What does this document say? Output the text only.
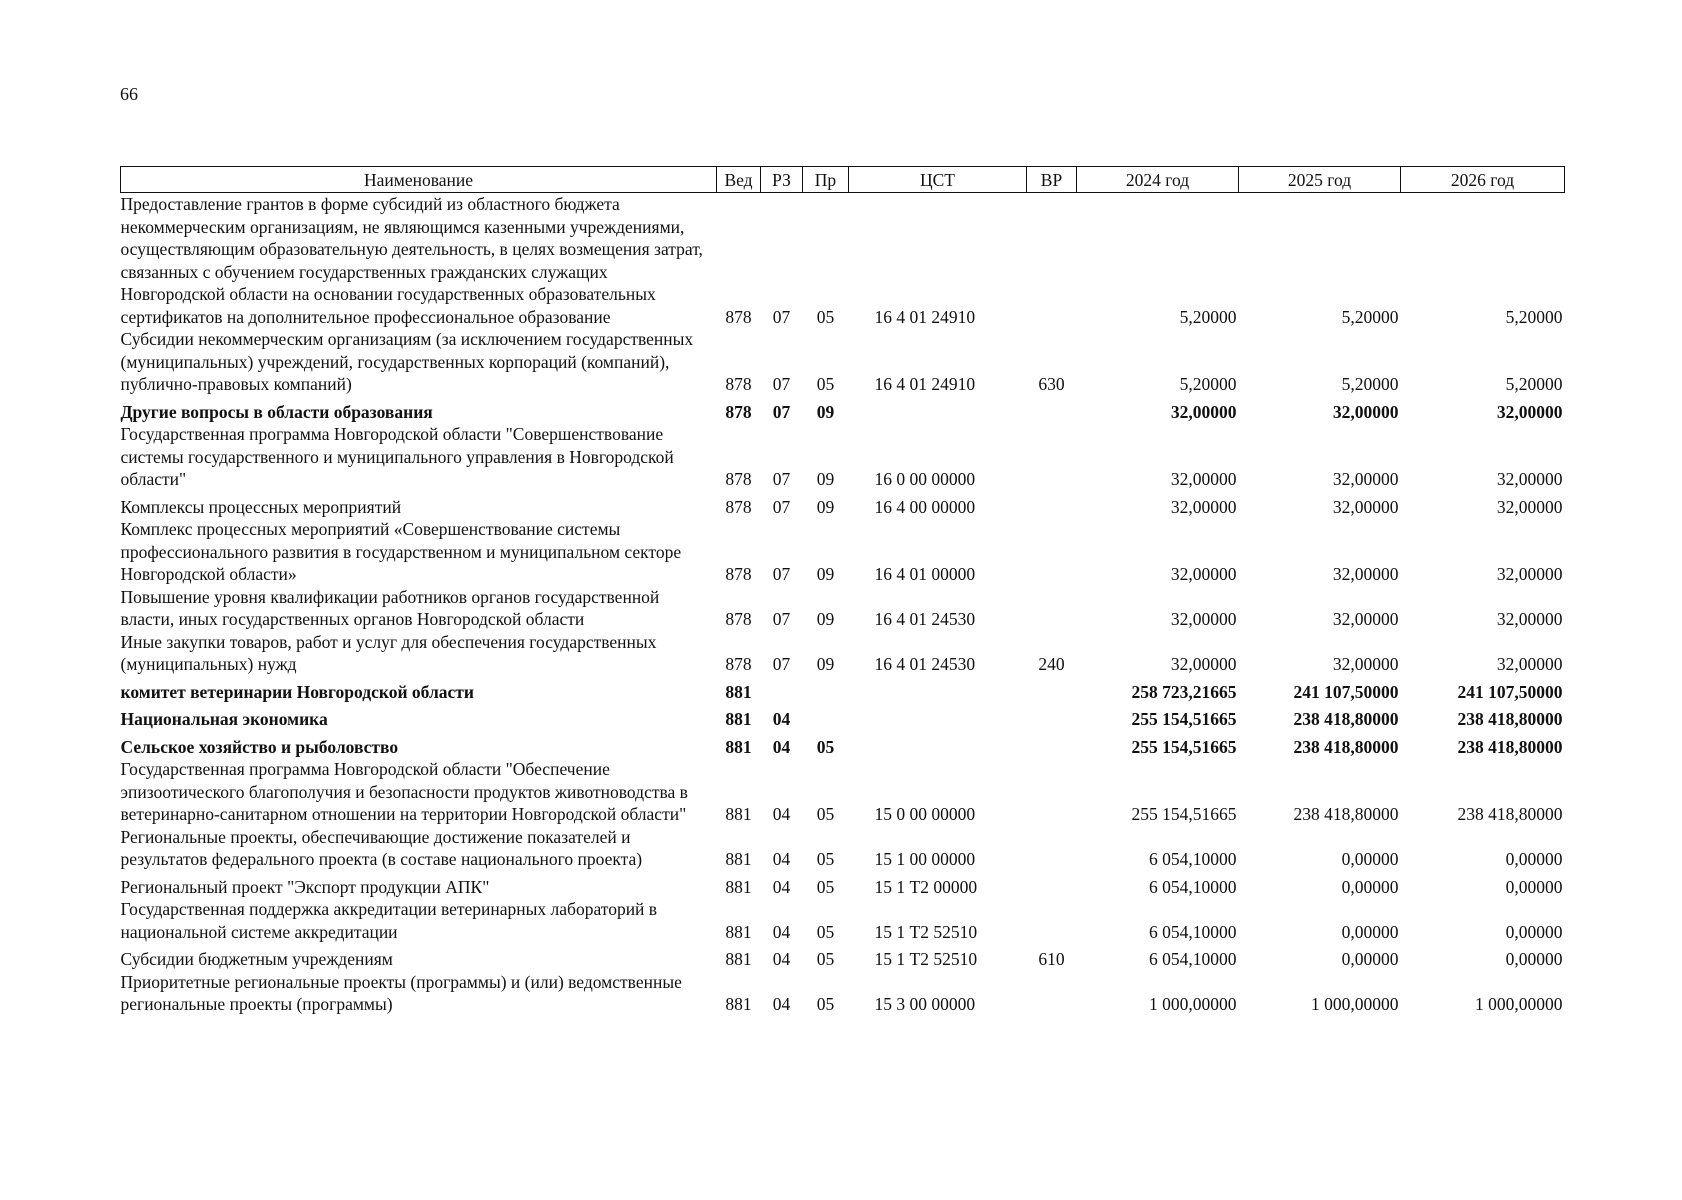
66
Наименование	Вед	РЗ	Пр	ЦСТ	ВР	2024 год	2025 год	2026 год
Предоставление грантов в форме субсидий из областного бюджета некоммерческим организациям, не являющимся казенными учреждениями, осуществляющим образовательную деятельность, в целях возмещения затрат, связанных с обучением государственных гражданских служащих Новгородской области на основании государственных образовательных сертификатов на дополнительное профессиональное образование	878	07	05	16 4 01 24910		5,20000	5,20000	5,20000
Субсидии некоммерческим организациям (за исключением государственных (муниципальных) учреждений, государственных корпораций (компаний), публично-правовых компаний)	878	07	05	16 4 01 24910	630	5,20000	5,20000	5,20000
Другие вопросы в области образования	878	07	09			32,00000	32,00000	32,00000
Государственная программа Новгородской области "Совершенствование системы государственного и муниципального управления в Новгородской области"	878	07	09	16 0 00 00000		32,00000	32,00000	32,00000
Комплексы процессных мероприятий	878	07	09	16 4 00 00000		32,00000	32,00000	32,00000
Комплекс процессных мероприятий «Совершенствование системы профессионального развития в государственном и муниципальном секторе Новгородской области»	878	07	09	16 4 01 00000		32,00000	32,00000	32,00000
Повышение уровня квалификации работников органов государственной власти, иных государственных органов Новгородской области	878	07	09	16 4 01 24530		32,00000	32,00000	32,00000
Иные закупки товаров, работ и услуг для обеспечения государственных (муниципальных) нужд	878	07	09	16 4 01 24530	240	32,00000	32,00000	32,00000
комитет ветеринарии Новгородской области	881					258 723,21665	241 107,50000	241 107,50000
Национальная экономика	881	04				255 154,51665	238 418,80000	238 418,80000
Сельское хозяйство и рыболовство	881	04	05			255 154,51665	238 418,80000	238 418,80000
Государственная программа Новгородской области "Обеспечение эпизоотического благополучия и безопасности продуктов животноводства в ветеринарно-санитарном отношении на территории Новгородской области"	881	04	05	15 0 00 00000		255 154,51665	238 418,80000	238 418,80000
Региональные проекты, обеспечивающие достижение показателей и результатов федерального проекта (в составе национального проекта)	881	04	05	15 1 00 00000		6 054,10000	0,00000	0,00000
Региональный проект "Экспорт продукции АПК"	881	04	05	15 1 Т2 00000		6 054,10000	0,00000	0,00000
Государственная поддержка аккредитации ветеринарных лабораторий в национальной системе аккредитации	881	04	05	15 1 Т2 52510		6 054,10000	0,00000	0,00000
Субсидии бюджетным учреждениям	881	04	05	15 1 Т2 52510	610	6 054,10000	0,00000	0,00000
Приоритетные региональные проекты (программы) и (или) ведомственные региональные проекты (программы)	881	04	05	15 3 00 00000		1 000,00000	1 000,00000	1 000,00000
